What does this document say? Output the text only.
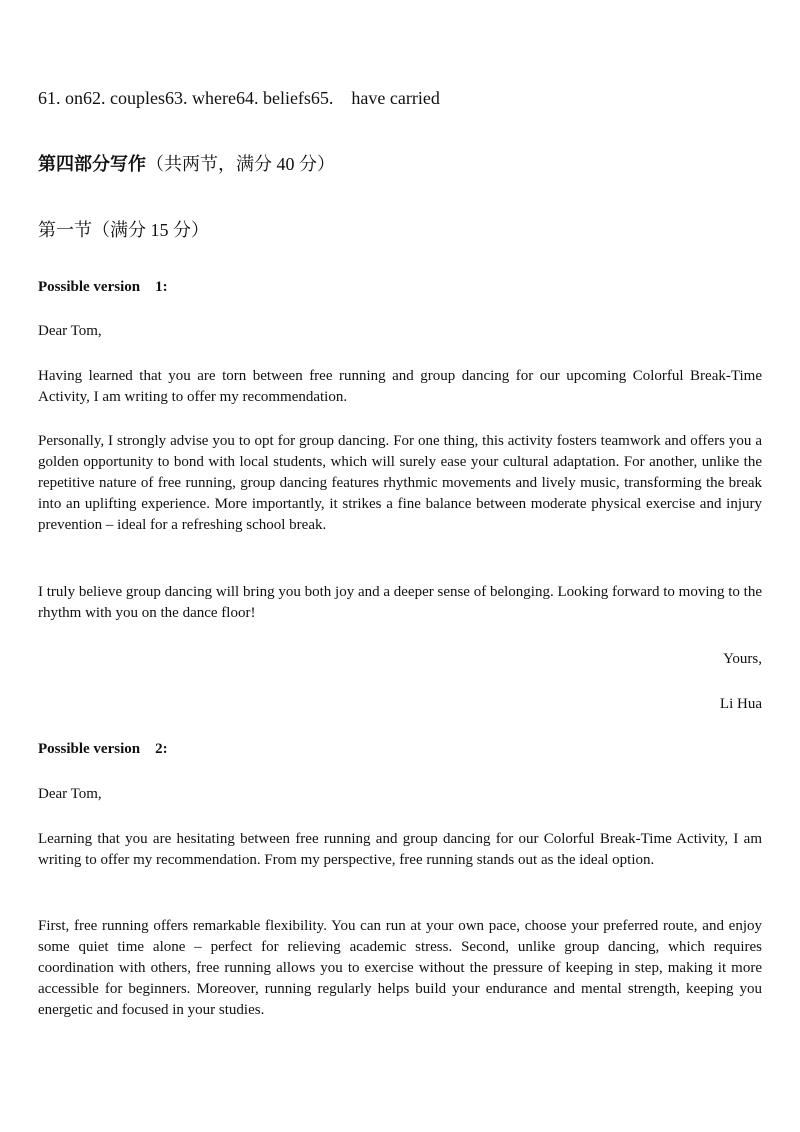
61. on62. couples63. where64. beliefs65.    have carried
第四部分写作（共两节，满分 40 分）
第一节（满分 15 分）
Possible version    1:
Dear Tom,
Having learned that you are torn between free running and group dancing for our upcoming Colorful Break-Time Activity, I am writing to offer my recommendation.
Personally, I strongly advise you to opt for group dancing. For one thing, this activity fosters teamwork and offers you a golden opportunity to bond with local students, which will surely ease your cultural adaptation. For another, unlike the repetitive nature of free running, group dancing features rhythmic movements and lively music, transforming the break into an uplifting experience. More importantly, it strikes a fine balance between moderate physical exercise and injury prevention – ideal for a refreshing school break.
I truly believe group dancing will bring you both joy and a deeper sense of belonging. Looking forward to moving to the rhythm with you on the dance floor!
Yours,
Li Hua
Possible version    2:
Dear Tom,
Learning that you are hesitating between free running and group dancing for our Colorful Break-Time Activity, I am writing to offer my recommendation. From my perspective, free running stands out as the ideal option.
First, free running offers remarkable flexibility. You can run at your own pace, choose your preferred route, and enjoy some quiet time alone – perfect for relieving academic stress. Second, unlike group dancing, which requires coordination with others, free running allows you to exercise without the pressure of keeping in step, making it more accessible for beginners. Moreover, running regularly helps build your endurance and mental strength, keeping you energetic and focused in your studies.
